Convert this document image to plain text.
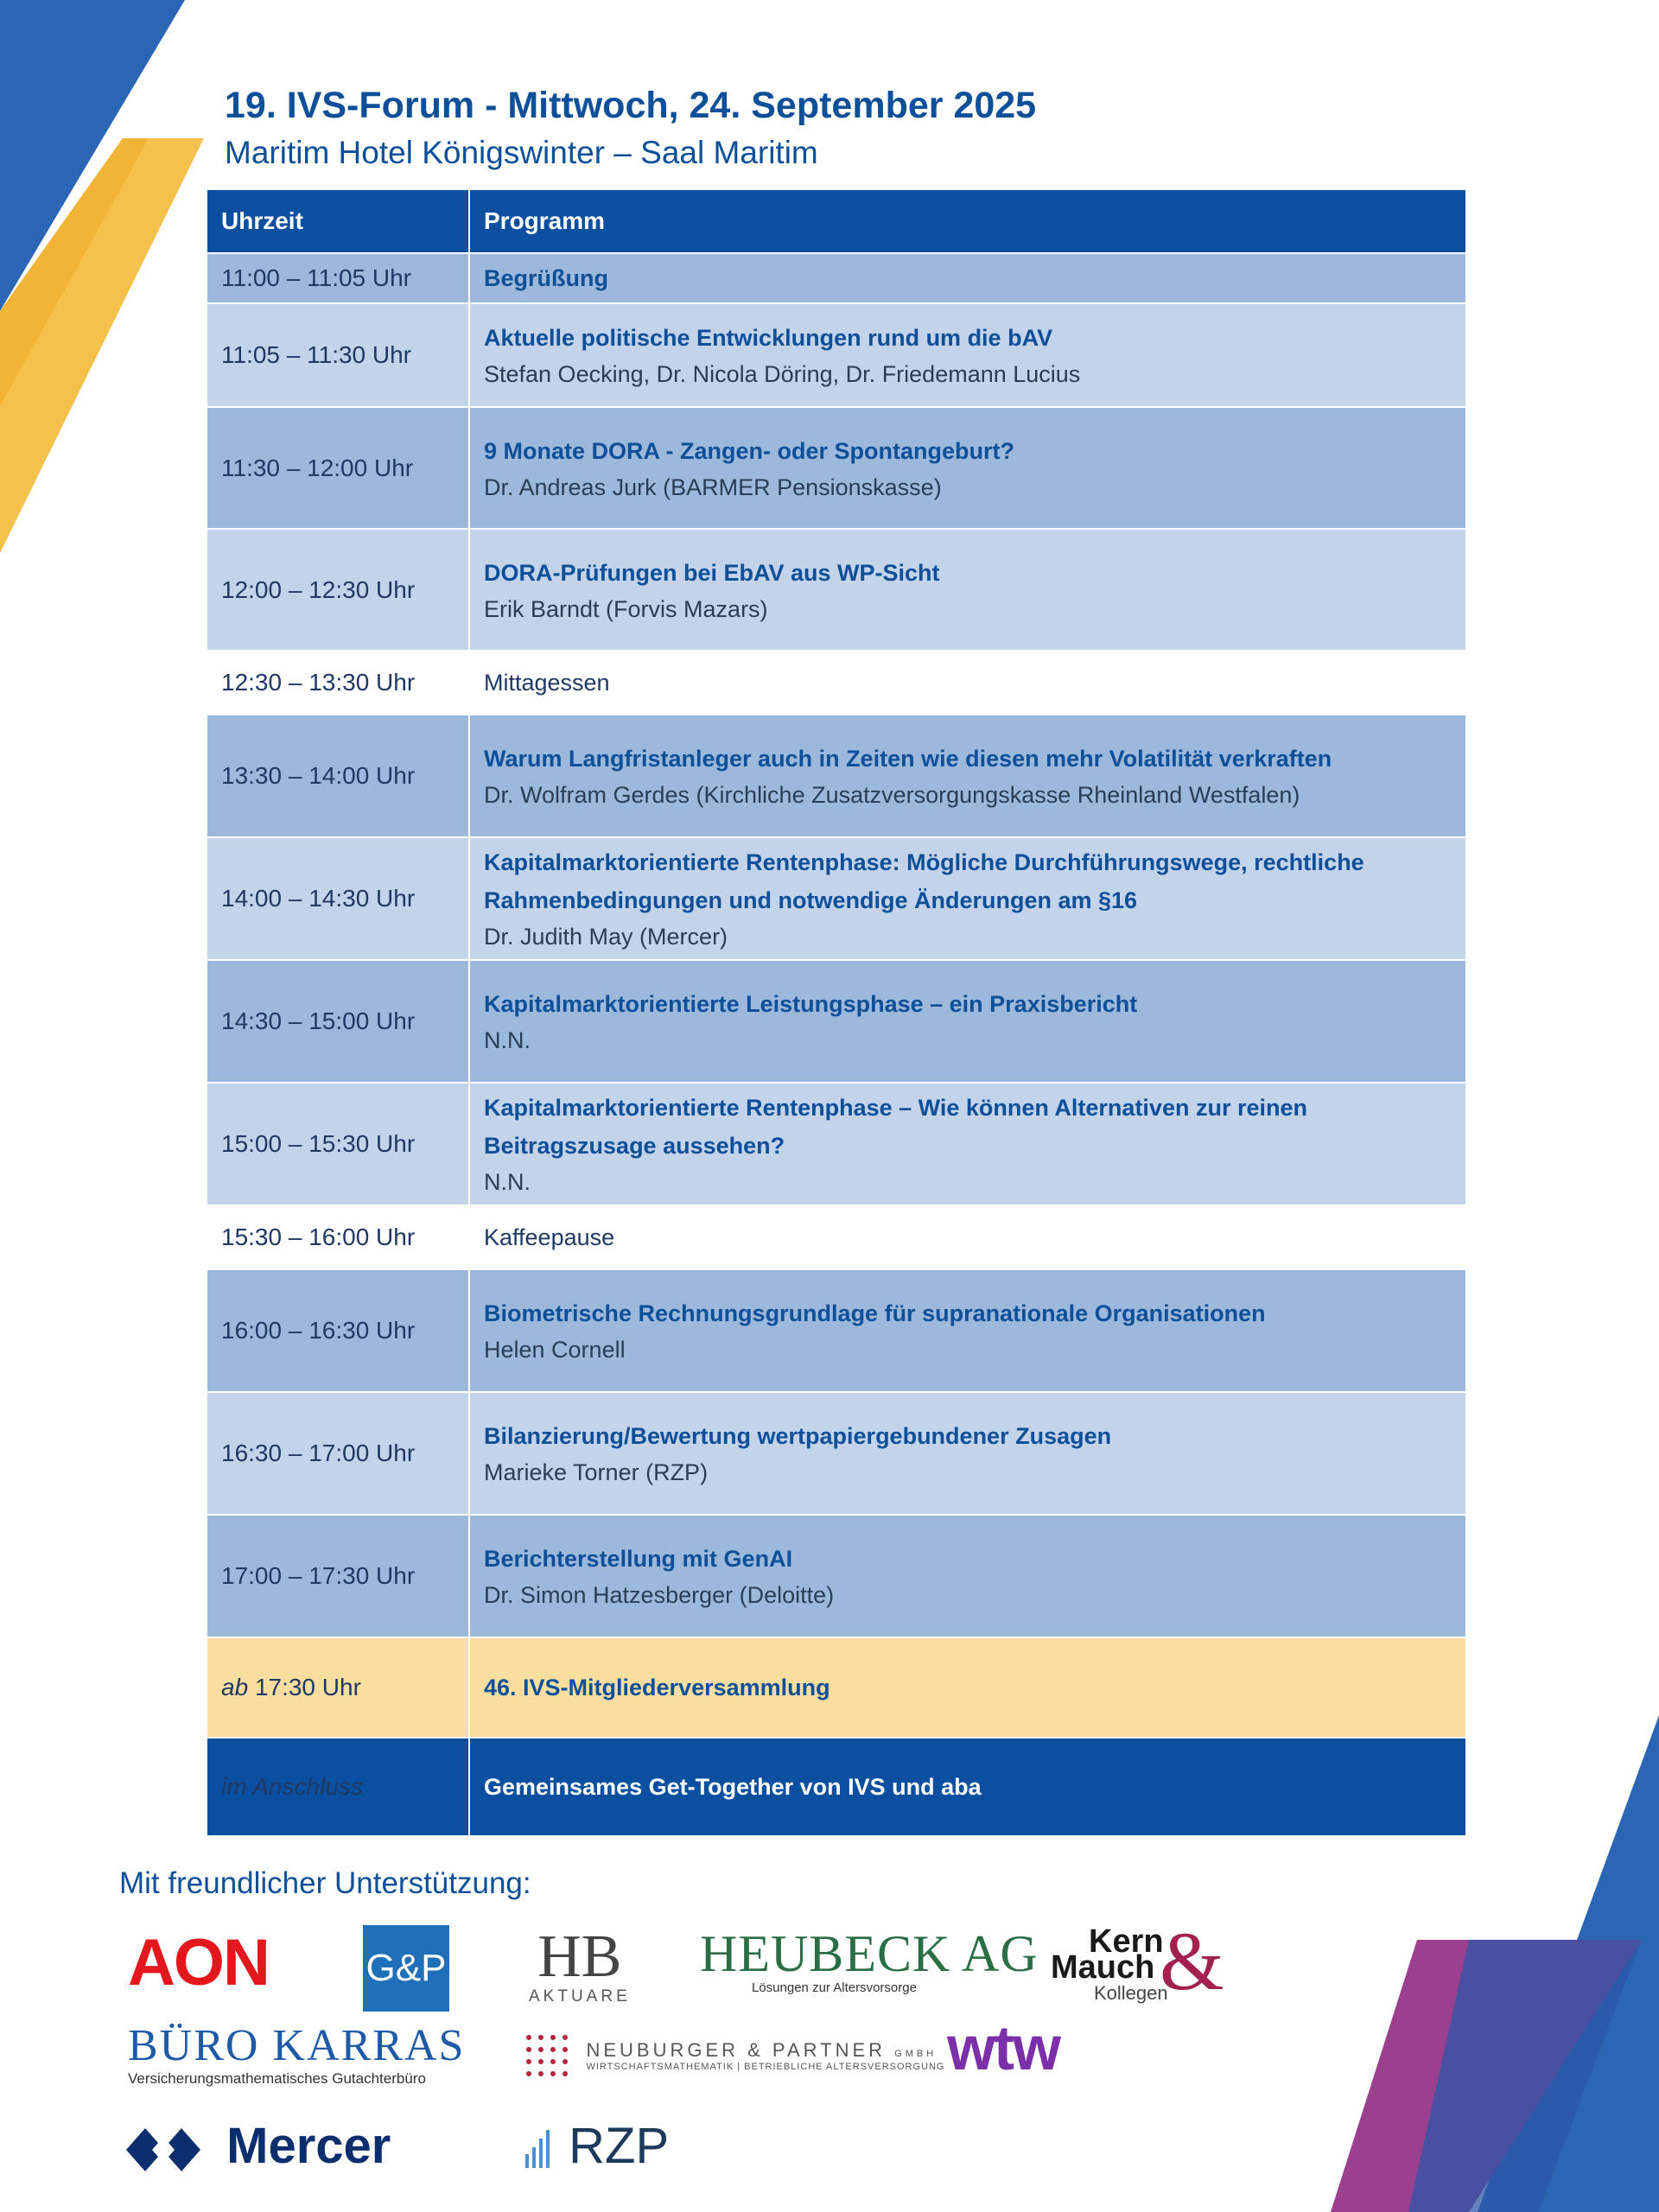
19. IVS-Forum - Mittwoch, 24. September 2025

Maritim Hotel Königswinter – Saal Maritim

Uhrzeit	Programm
11:00 – 11:05 Uhr	Begrüßung

11:05 – 11:30 Uhr	Aktuelle politische Entwicklungen rund um die bAV
Stefan Oecking, Dr. Nicola Döring, Dr. Friedemann Lucius

11:30 – 12:00 Uhr	9 Monate DORA - Zangen- oder Spontangeburt?
Dr. Andreas Jurk (BARMER Pensionskasse)

12:00 – 12:30 Uhr	DORA-Prüfungen bei EbAV aus WP-Sicht
Erik Barndt (Forvis Mazars)

12:30 – 13:30 Uhr	Mittagessen
13:30 – 14:00 Uhr	Warum Langfristanleger auch in Zeiten wie diesen mehr Volatilität verkraften
Dr. Wolfram Gerdes (Kirchliche Zusatzversorgungskasse Rheinland Westfalen)

14:00 – 14:30 Uhr	Kapitalmarktorientierte Rentenphase: Mögliche Durchführungswege, rechtliche Rahmenbedingungen und notwendige Änderungen am §16
Dr. Judith May (Mercer)

14:30 – 15:00 Uhr	Kapitalmarktorientierte Leistungsphase – ein Praxisbericht
N.N.

15:00 – 15:30 Uhr	Kapitalmarktorientierte Rentenphase – Wie können Alternativen zur reinen Beitragszusage aussehen?
N.N.

15:30 – 16:00 Uhr	Kaffeepause
16:00 – 16:30 Uhr	Biometrische Rechnungsgrundlage für supranationale Organisationen
Helen Cornell

16:30 – 17:00 Uhr	Bilanzierung/Bewertung wertpapiergebundener Zusagen
Marieke Torner (RZP)

17:00 – 17:30 Uhr	Berichterstellung mit GenAI
Dr. Simon Hatzesberger (Deloitte)

ab 17:30 Uhr	46. IVS-Mitgliederversammlung

im Anschluss	Gemeinsames Get-Together von IVS und aba

Mit freundlicher Unterstützung:

AON	G&P HB
AKTUARE
HEUBECK AG
Lösungen zur Altersvorsorge	&
Kern
Mauch
Kollegen
BÜRO KARRAS
Versicherungsmathematisches Gutachterbüro

NEUBURGER & PARTNER GMBH
WIRTSCHAFTSMATHEMATIK | BETRIEBLICHE ALTERSVERSORGUNG wtw
Mercer	RZP
